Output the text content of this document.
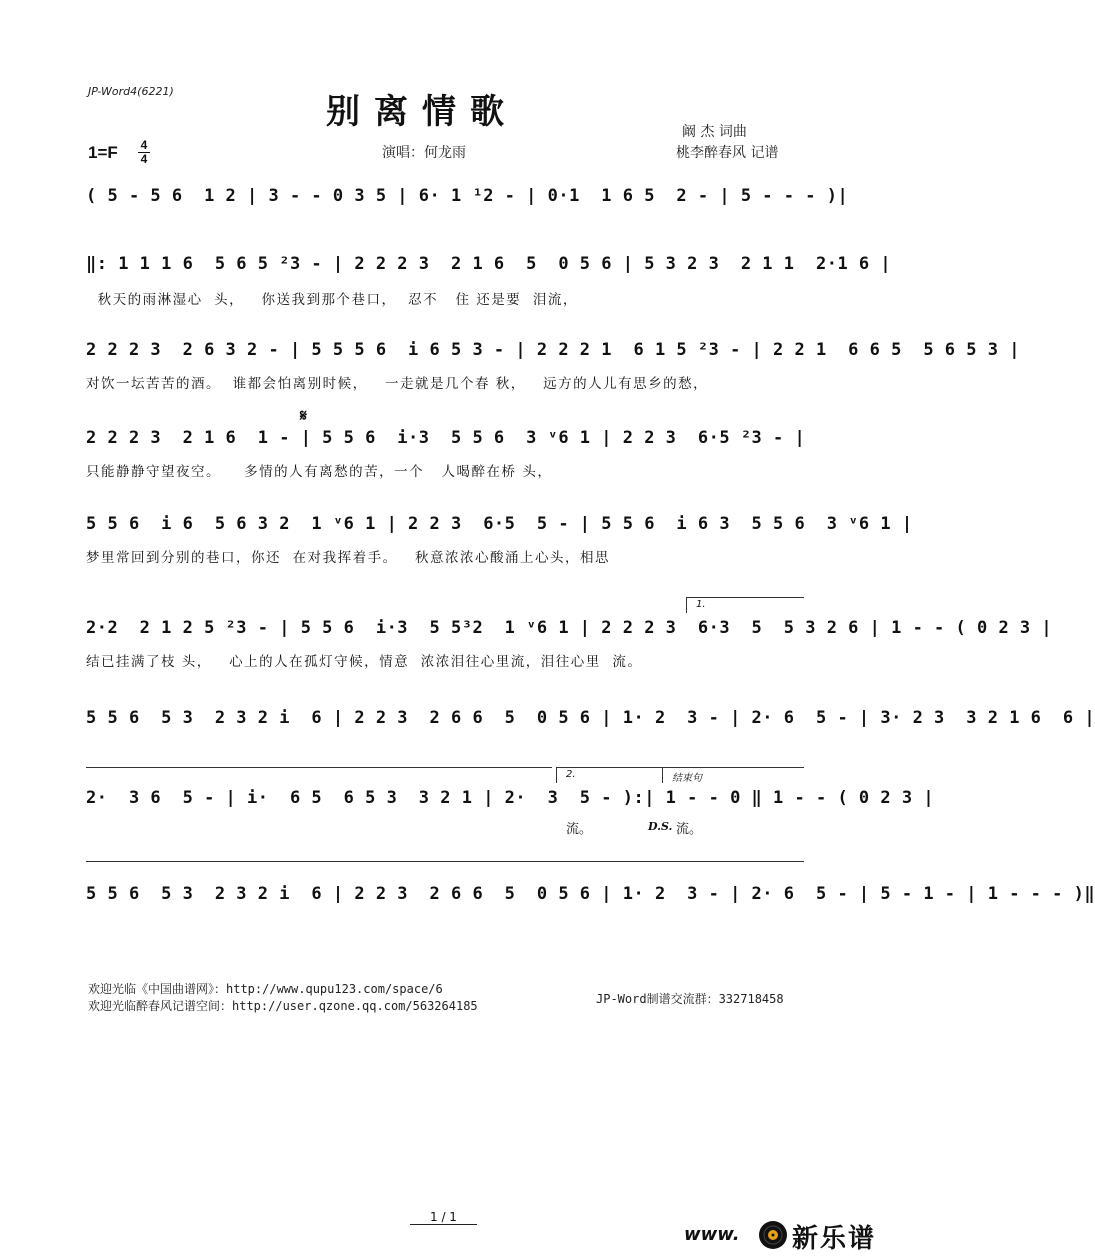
JP-Word4(6221)
别离情歌	阚 杰 词曲
桃李醉春风 记谱
演唱：何龙雨
1=F 4
4
( 5 - 5 6  1 2 | 3 - - 0 3 5 | 6· 1 ¹2 - | 0·1  1 6 5  2 - | 5 - - - )|
‖: 1 1 1 6  5 6 5 ²3 - | 2 2 2 3  2 1 6  5  0 5 6 | 5 3 2 3  2 1 1  2·1 6 |
秋天的雨淋湿心  头，   你送我到那个巷口，  忍不   住 还是要  泪流，
2 2 2 3  2 6 3 2 - | 5 5 5 6  i 6 5 3 - | 2 2 2 1  6 1 5 ²3 - | 2 2 1  6 6 5  5 6 5 3 |
对饮一坛苦苦的酒。  谁都会怕离别时候，   一走就是几个春 秋，   远方的人儿有思乡的愁，
𝄋
2 2 2 3  2 1 6  1 - | 5 5 6  i·3  5 5 6  3 ᵛ6 1 | 2 2 3  6·5 ²3 - |
只能静静守望夜空。    多情的人有离愁的苦，一个   人喝醉在桥 头，
5 5 6  i 6  5 6 3 2  1 ᵛ6 1 | 2 2 3  6·5  5 - | 5 5 6  i 6 3  5 5 6  3 ᵛ6 1 |
梦里常回到分别的巷口，你还  在对我挥着手。   秋意浓浓心酸涌上心头，相思
1.
2·2  2 1 2 5 ²3 - | 5 5 6  i·3  5 5³2  1 ᵛ6 1 | 2 2 2 3  6·3  5  5 3 2 6 | 1 - - ( 0 2 3 |
结已挂满了枝 头，   心上的人在孤灯守候，情意  浓浓泪往心里流，泪往心里  流。
5 5 6  5 3  2 3 2 i  6 | 2 2 3  2 6 6  5  0 5 6 | 1· 2  3 - | 2· 6  5 - | 3· 2 3  3 2 1 6  6 |
2.	结束句
2·  3 6  5 - | i·  6 5  6 5 3  3 2 1 | 2·  3  5 - ):| 1 - - 0 ‖ 1 - - ( 0 2 3 |
流。	D.S. 流。
5 5 6  5 3  2 3 2 i  6 | 2 2 3  2 6 6  5  0 5 6 | 1· 2  3 - | 2· 6  5 - | 5 - 1 - | 1 - - - )‖
欢迎光临《中国曲谱网》：http://www.qupu123.com/space/6
欢迎光临醉春风记谱空间：http://user.qzone.qq.com/563264185	JP-Word制谱交流群：332718458
1 / 1
www. 新乐谱
